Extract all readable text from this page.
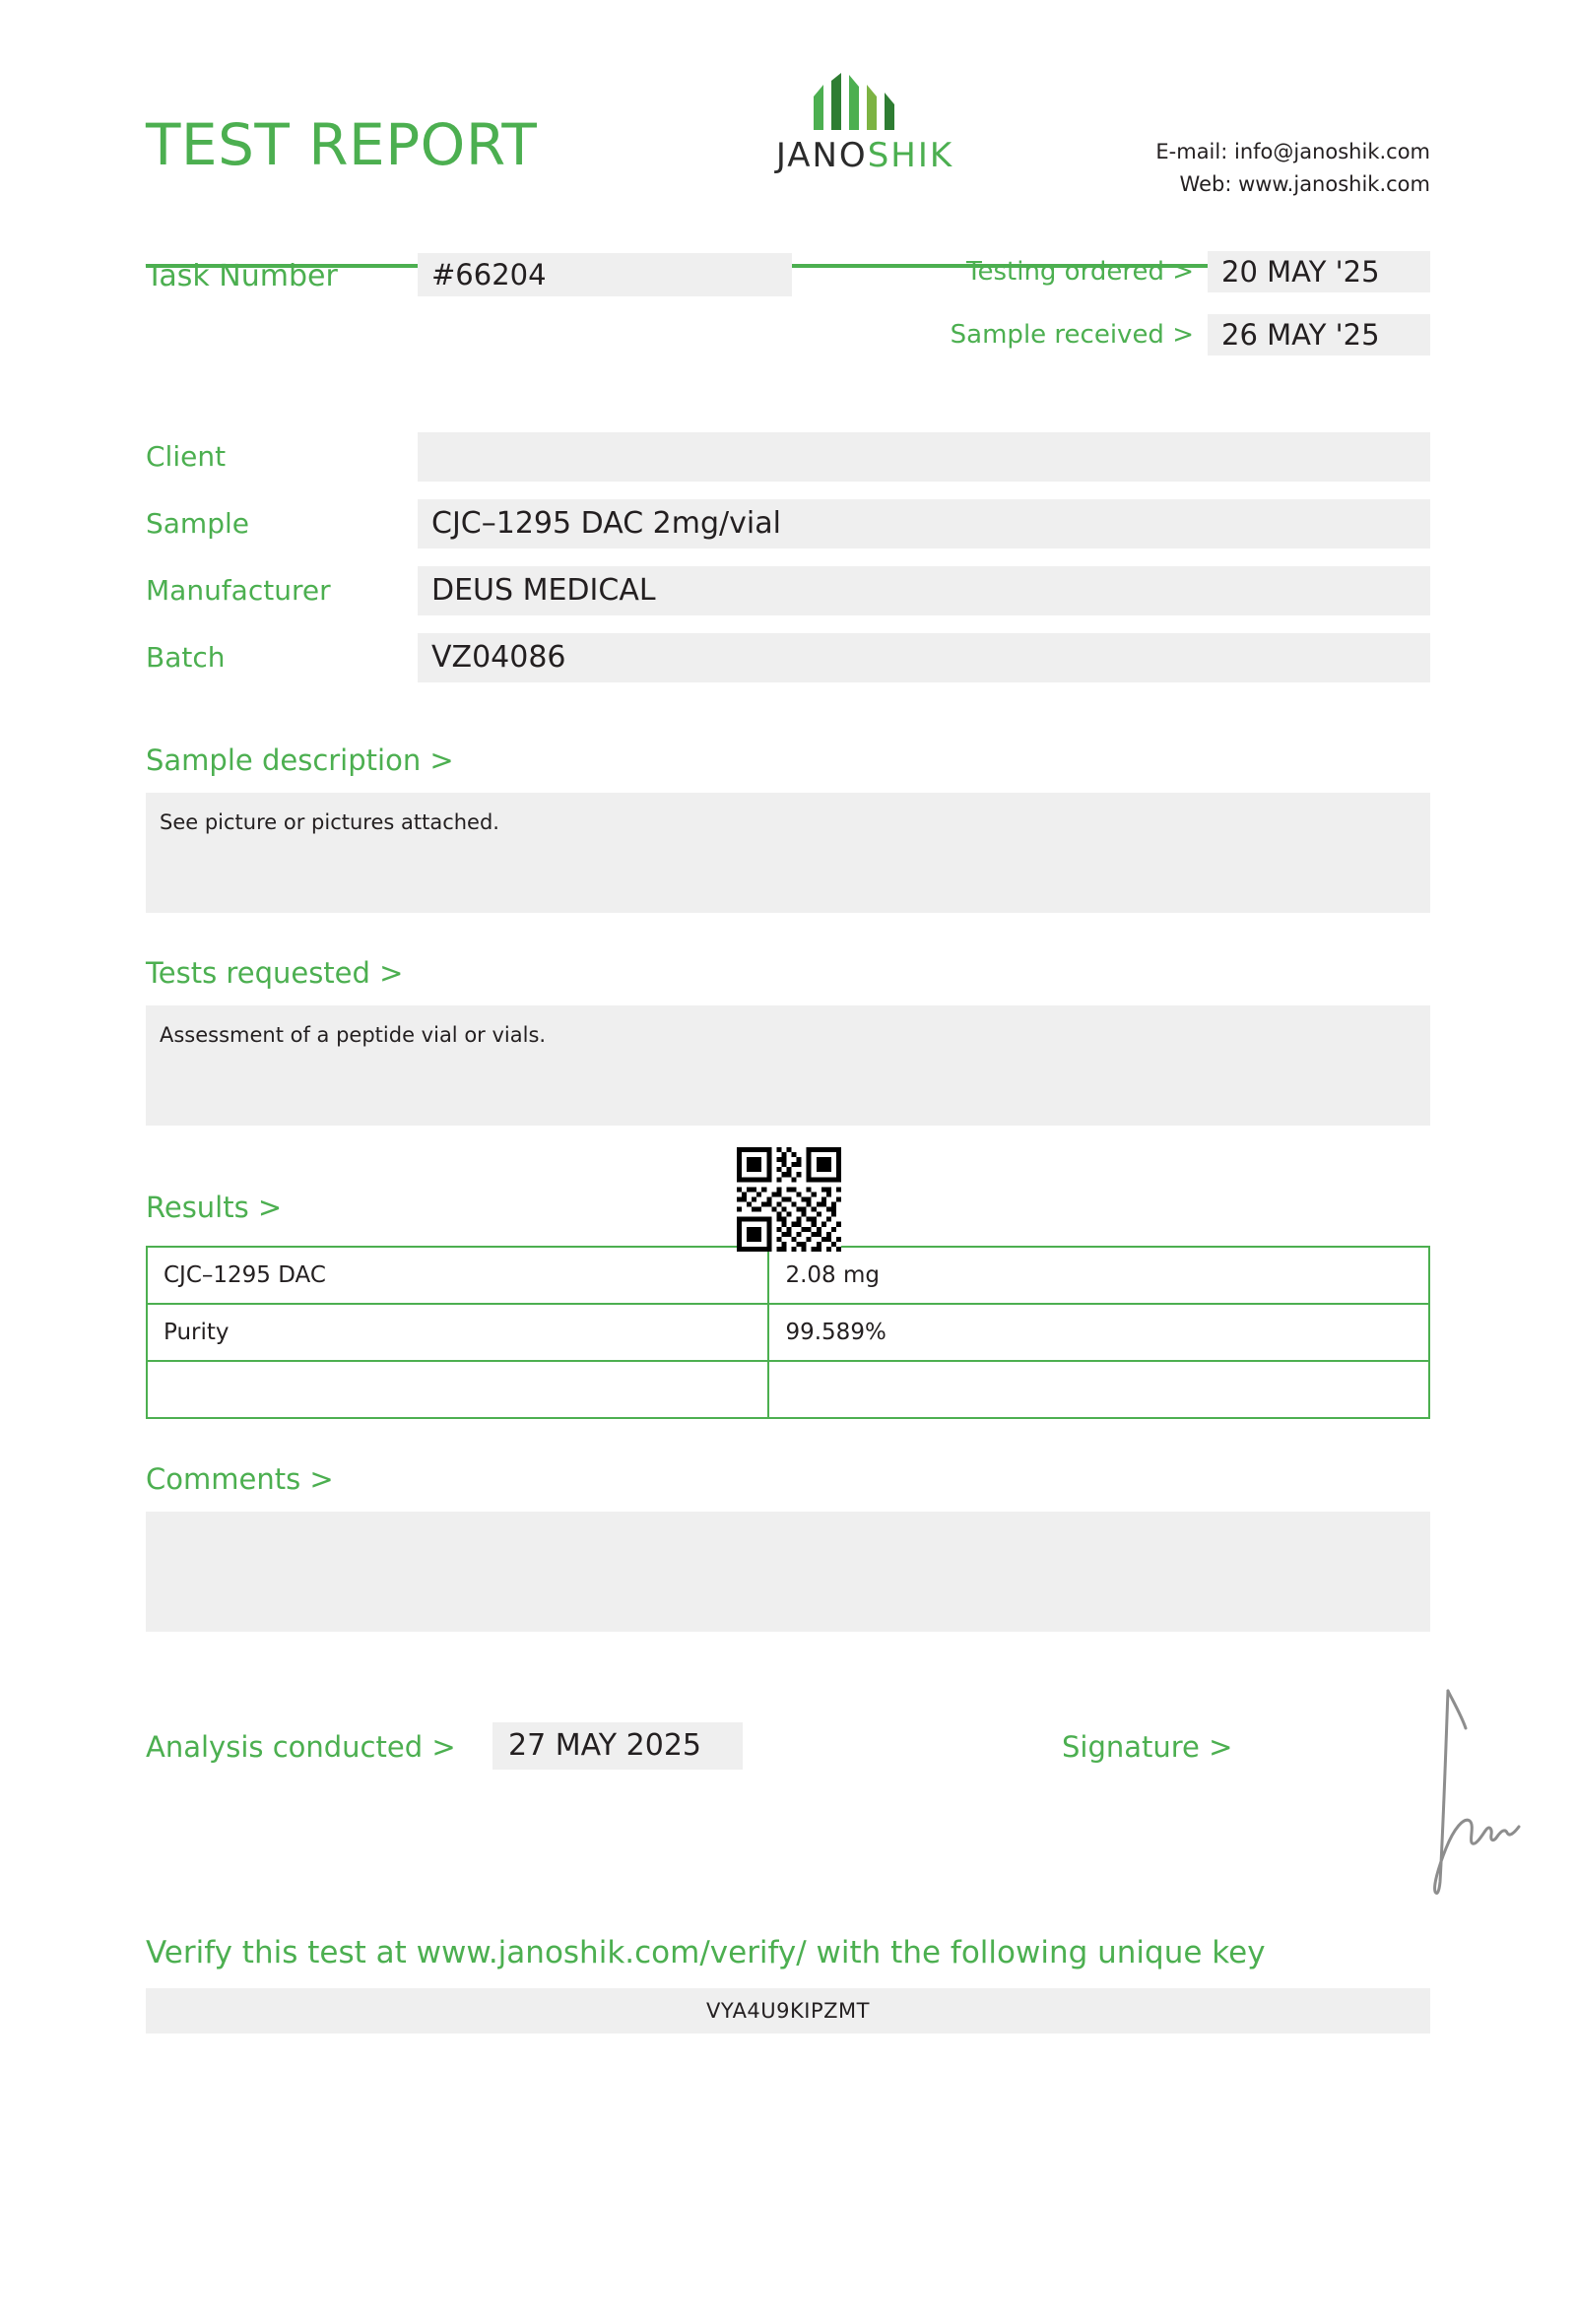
TEST REPORT	JANOSHIK	E-mail: info@janoshik.com
Web: www.janoshik.com
Task Number	#66204	Testing ordered > 20 MAY '25
Sample received > 26 MAY '25
Client
Sample	CJC–1295 DAC 2mg/vial
Manufacturer	DEUS MEDICAL
Batch	VZ04086
Sample description >
See picture or pictures attached.
Tests requested >
Assessment of a peptide vial or vials.
Results >
CJC–1295 DAC	2.08 mg
Purity	99.589%

Comments >
Analysis conducted >	27 MAY 2025	Signature >
Verify this test at www.janoshik.com/verify/ with the following unique key
VYA4U9KIPZMT
